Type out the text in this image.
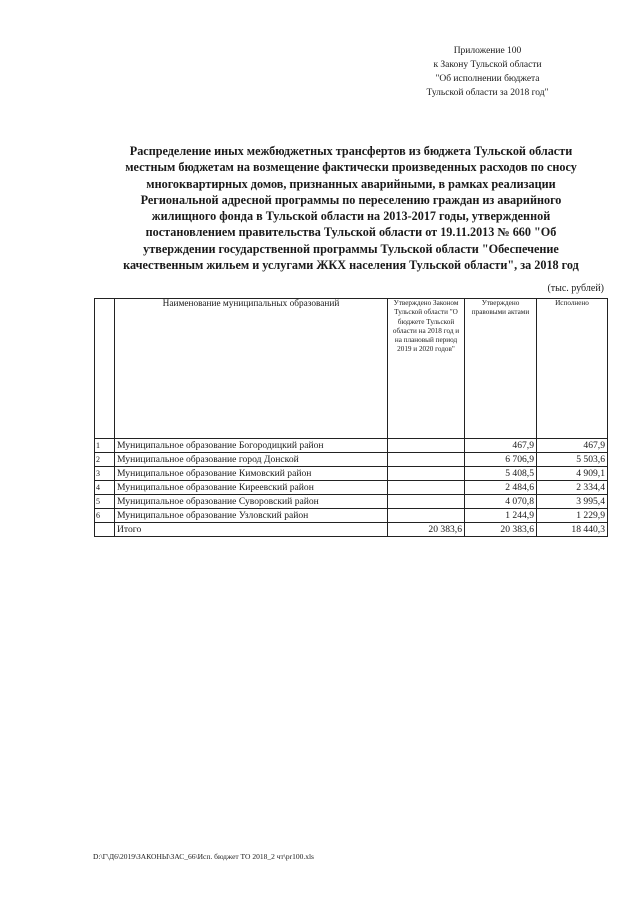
Приложение 100
к Закону Тульской области
"Об исполнении бюджета
Тульской области за 2018 год"
Распределение иных межбюджетных трансфертов из бюджета Тульской области
местным бюджетам на возмещение фактически произведенных расходов по сносу
многоквартирных домов, признанных аварийными, в рамках реализации
Региональной адресной программы по переселению граждан из аварийного
жилищного фонда в Тульской области на 2013-2017 годы, утвержденной
постановлением правительства Тульской области от 19.11.2013 № 660 "Об
утверждении государственной программы Тульской области "Обеспечение
качественным жильем и услугами ЖКХ населения Тульской области", за 2018 год
(тыс. рублей)
	Наименование муниципальных образований	Утверждено Законом Тульской области "О бюджете Тульской области на 2018 год и на плановый период 2019 и 2020 годов"	Утверждено правовыми актами	Исполнено
1	Муниципальное образование Богородицкий район		467,9	467,9
2	Муниципальное образование город Донской		6 706,9	5 503,6
3	Муниципальное образование Кимовский район		5 408,5	4 909,1
4	Муниципальное образование Киреевский район		2 484,6	2 334,4
5	Муниципальное образование Суворовский район		4 070,8	3 995,4
6	Муниципальное образование Узловский район		1 244,9	1 229,9
	Итого	20 383,6	20 383,6	18 440,3
D:\Г\Д6\2019\ЗАКОНЫ\ЗАС_66\Исп. бюджет ТО 2018_2 чт\pr100.xls
